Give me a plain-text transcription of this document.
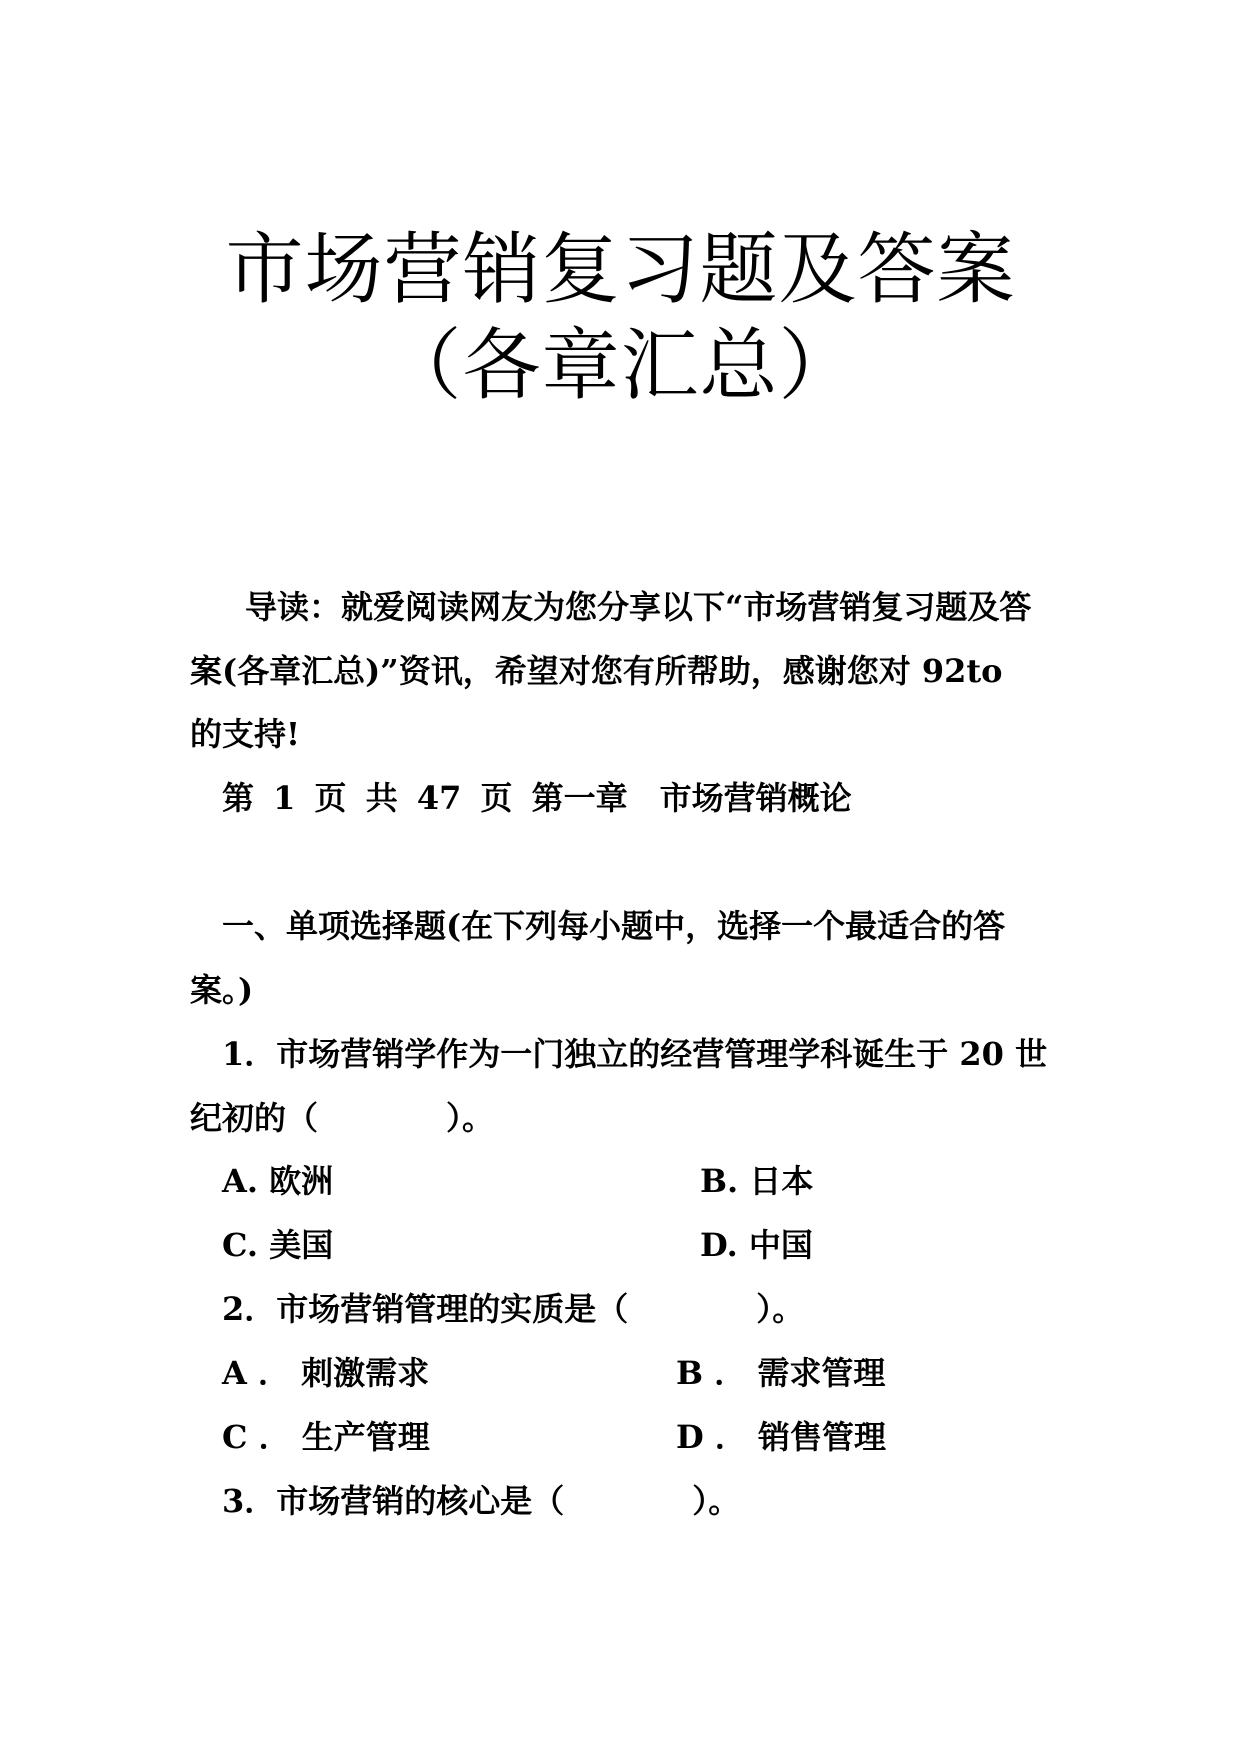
市场营销复习题及答案
（各章汇总）
导读：就爱阅读网友为您分享以下“市场营销复习题及答
案(各章汇总)”资讯，希望对您有所帮助，感谢您对 92to
的支持!
第 1 页 共 47 页 第一章　市场营销概论
一、单项选择题(在下列每小题中，选择一个最适合的答
案。)
1．市场营销学作为一门独立的经营管理学科诞生于 20 世
纪初的（　　　　）。
A. 欧洲	B. 日本
C. 美国	D. 中国
2．市场营销管理的实质是（　　　　）。
A ． 刺激需求	B ． 需求管理
C ． 生产管理	D ． 销售管理
3．市场营销的核心是（　　　　）。
